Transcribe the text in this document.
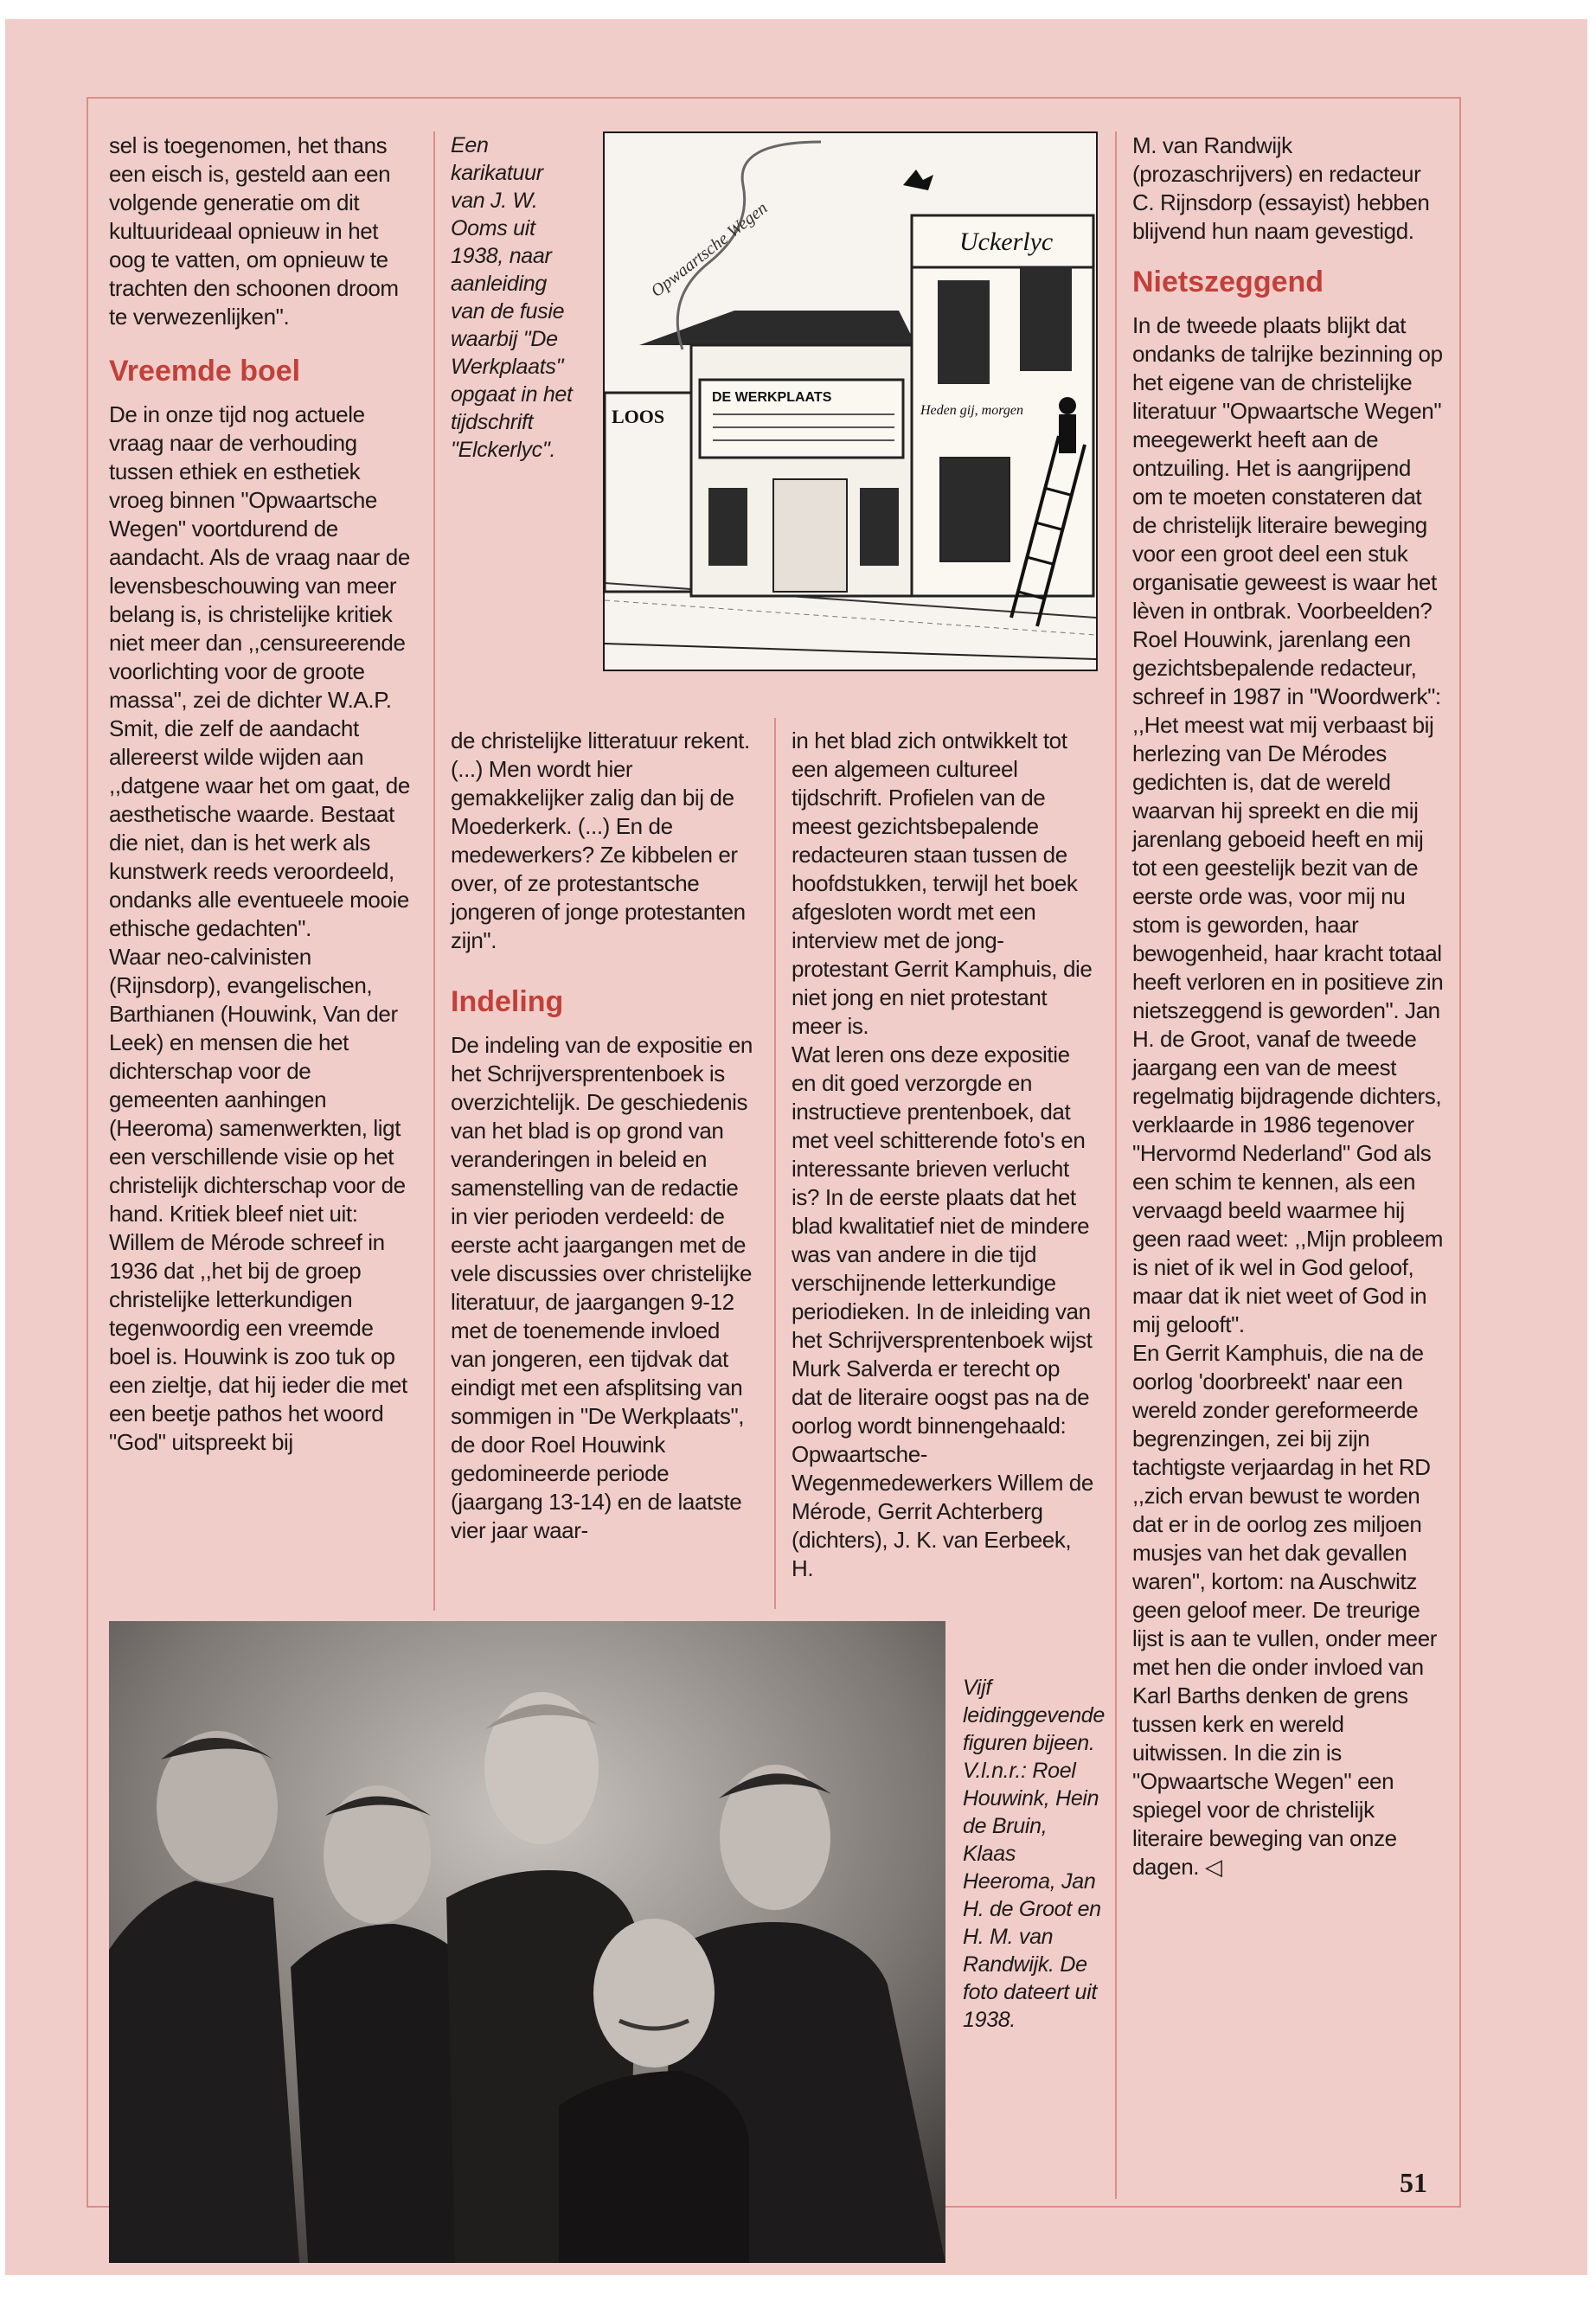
sel is toegenomen, het thans een eisch is, gesteld aan een volgende generatie om dit kultuurideaal opnieuw in het oog te vatten, om opnieuw te trachten den schoonen droom te verwezenlijken".

Vreemde boel

De in onze tijd nog actuele vraag naar de verhouding tussen ethiek en esthetiek vroeg binnen "Opwaartsche Wegen" voortdurend de aandacht. Als de vraag naar de levensbeschouwing van meer belang is, is christelijke kritiek niet meer dan ,,censureerende voorlichting voor de groote massa", zei de dichter W.A.P. Smit, die zelf de aandacht allereerst wilde wijden aan ,,datgene waar het om gaat, de aesthetische waarde. Bestaat die niet, dan is het werk als kunstwerk reeds veroordeeld, ondanks alle eventueele mooie ethische gedachten".

Waar neo-calvinisten (Rijnsdorp), evangelischen, Barthianen (Houwink, Van der Leek) en mensen die het dichterschap voor de gemeenten aanhingen (Heeroma) samenwerkten, ligt een verschillende visie op het christelijk dichterschap voor de hand. Kritiek bleef niet uit: Willem de Mérode schreef in 1936 dat ,,het bij de groep christelijke letterkundigen tegenwoordig een vreemde boel is. Houwink is zoo tuk op een zieltje, dat hij ieder die met een beetje pathos het woord "God" uitspreekt bij

Een karikatuur van J. W. Ooms uit 1938, naar aanleiding van de fusie waarbij "De Werkplaats" opgaat in het tijdschrift "Elckerlyc".
LOOS
DE WERKPLAATS
Uckerlyc
Heden gij, morgen
Opwaartsche Wegen

de christelijke litteratuur rekent. (...) Men wordt hier gemakkelijker zalig dan bij de Moederkerk. (...) En de medewerkers? Ze kibbelen er over, of ze protestantsche jongeren of jonge protestanten zijn".

Indeling

De indeling van de expositie en het Schrijversprentenboek is overzichtelijk. De geschiedenis van het blad is op grond van veranderingen in beleid en samenstelling van de redactie in vier perioden verdeeld: de eerste acht jaargangen met de vele discussies over christelijke literatuur, de jaargangen 9-12 met de toenemende invloed van jongeren, een tijdvak dat eindigt met een afsplitsing van sommigen in "De Werkplaats", de door Roel Houwink gedomineerde periode (jaargang 13-14) en de laatste vier jaar waar-

in het blad zich ontwikkelt tot een algemeen cultureel tijdschrift. Profielen van de meest gezichtsbepalende redacteuren staan tussen de hoofdstukken, terwijl het boek afgesloten wordt met een interview met de jong-protestant Gerrit Kamphuis, die niet jong en niet protestant meer is.

Wat leren ons deze expositie en dit goed verzorgde en instructieve prentenboek, dat met veel schitterende foto's en interessante brieven verlucht is? In de eerste plaats dat het blad kwalitatief niet de mindere was van andere in die tijd verschijnende letterkundige periodieken. In de inleiding van het Schrijversprentenboek wijst Murk Salverda er terecht op dat de literaire oogst pas na de oorlog wordt binnengehaald: Opwaartsche-Wegenmedewerkers Willem de Mérode, Gerrit Achterberg (dichters), J. K. van Eerbeek, H.

M. van Randwijk (prozaschrijvers) en redacteur C. Rijnsdorp (essayist) hebben blijvend hun naam gevestigd.

Nietszeggend

In de tweede plaats blijkt dat ondanks de talrijke bezinning op het eigene van de christelijke literatuur "Opwaartsche Wegen" meegewerkt heeft aan de ontzuiling. Het is aangrijpend om te moeten constateren dat de christelijk literaire beweging voor een groot deel een stuk organisatie geweest is waar het lèven in ontbrak. Voorbeelden? Roel Houwink, jarenlang een gezichtsbepalende redacteur, schreef in 1987 in "Woordwerk": ,,Het meest wat mij verbaast bij herlezing van De Mérodes gedichten is, dat de wereld waarvan hij spreekt en die mij jarenlang geboeid heeft en mij tot een geestelijk bezit van de eerste orde was, voor mij nu stom is geworden, haar bewogenheid, haar kracht totaal heeft verloren en in positieve zin nietszeggend is geworden". Jan H. de Groot, vanaf de tweede jaargang een van de meest regelmatig bijdragende dichters, verklaarde in 1986 tegenover "Hervormd Nederland" God als een schim te kennen, als een vervaagd beeld waarmee hij geen raad weet: ,,Mijn probleem is niet of ik wel in God geloof, maar dat ik niet weet of God in mij gelooft".

En Gerrit Kamphuis, die na de oorlog 'doorbreekt' naar een wereld zonder gereformeerde begrenzingen, zei bij zijn tachtigste verjaardag in het RD ,,zich ervan bewust te worden dat er in de oorlog zes miljoen musjes van het dak gevallen waren", kortom: na Auschwitz geen geloof meer. De treurige lijst is aan te vullen, onder meer met hen die onder invloed van Karl Barths denken de grens tussen kerk en wereld uitwissen. In die zin is "Opwaartsche Wegen" een spiegel voor de christelijk literaire beweging van onze dagen. ◁

Vijf leidinggevende figuren bijeen. V.l.n.r.: Roel Houwink, Hein de Bruin, Klaas Heeroma, Jan H. de Groot en H. M. van Randwijk. De foto dateert uit 1938.
51
